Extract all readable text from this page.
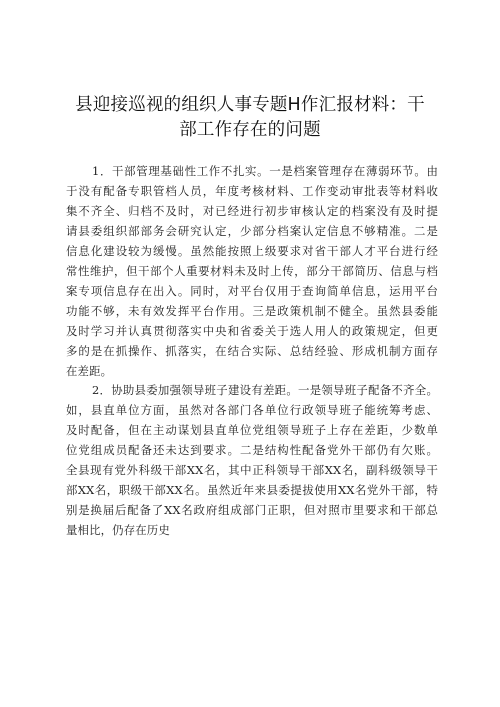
县迎接巡视的组织人事专题H作汇报材料：干
部工作存在的问题
1．干部管理基础性工作不扎实。一是档案管理存在薄弱环节。由
于没有配备专职管档人员，年度考核材料、工作变动审批表等材料收
集不齐全、归档不及时，对已经进行初步审核认定的档案没有及时提
请县委组织部部务会研究认定，少部分档案认定信息不够精准。二是
信息化建设较为缓慢。虽然能按照上级要求对省干部人才平台进行经
常性维护，但干部个人重要材料未及时上传，部分干部简历、信息与档
案专项信息存在出入。同时，对平台仅用于查询简单信息，运用平台
功能不够，未有效发挥平台作用。三是政策机制不健全。虽然县委能
及时学习并认真贯彻落实中央和省委关于选人用人的政策规定，但更
多的是在抓操作、抓落实，在结合实际、总结经验、形成机制方面存
在差距。
2．协助县委加强领导班子建设有差距。一是领导班子配备不齐全。
如，县直单位方面，虽然对各部门各单位行政领导班子能统筹考虑、
及时配备，但在主动谋划县直单位党组领导班子上存在差距，少数单
位党组成员配备还未达到要求。二是结构性配备党外干部仍有欠账。
全县现有党外科级干部XX名，其中正科领导干部XX名，副科级领导干
部XX名，职级干部XX名。虽然近年来县委提拔使用XX名党外干部，特
别是换届后配备了XX名政府组成部门正职，但对照市里要求和干部总
量相比，仍存在历史
